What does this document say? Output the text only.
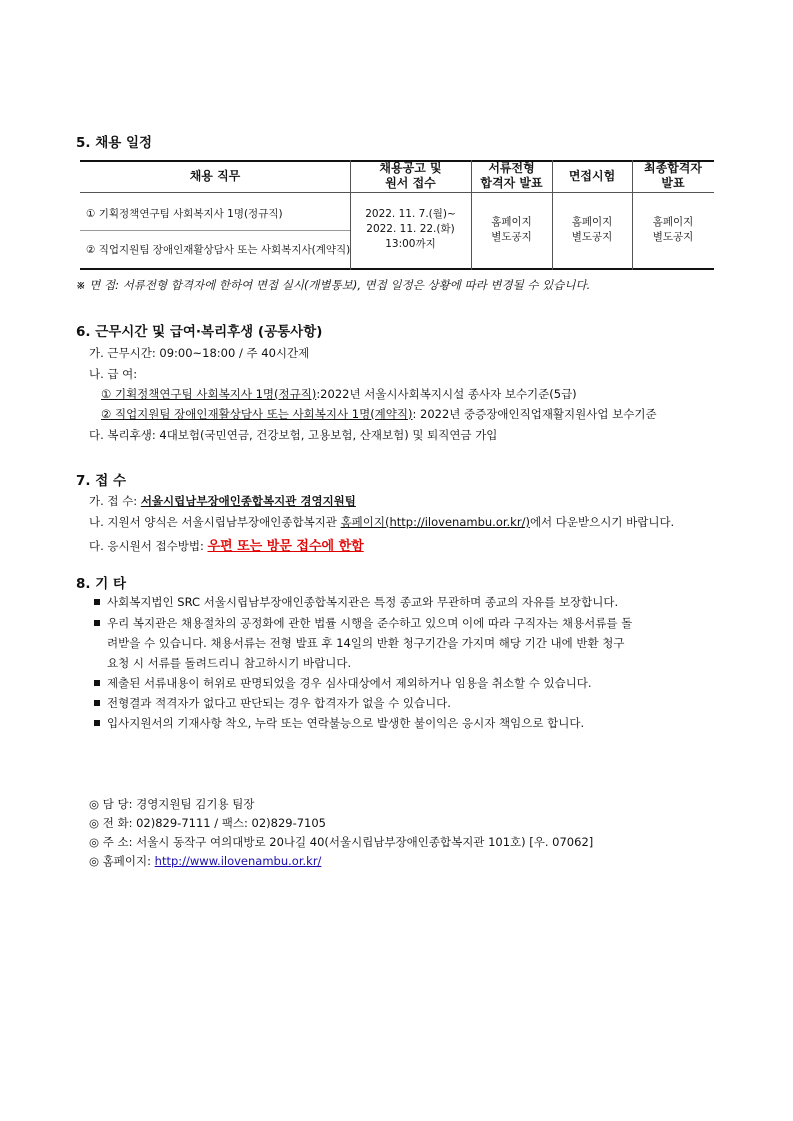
5. 채용 일정
채용 직무
채용공고 및
원서 접수
서류전형
합격자 발표	면접시험
최종합격자
발표
① 기획정책연구팀 사회복지사 1명(정규직)
② 직업지원팀 장애인재활상담사 또는 사회복지사(계약직)
2022. 11. 7.(월)~
2022. 11. 22.(화)
13:00까지
홈페이지
별도공지
홈페이지
별도공지
홈페이지
별도공지
※ 면 접: 서류전형 합격자에 한하여 면접 실시(개별통보), 면접 일정은 상황에 따라 변경될 수 있습니다.
6. 근무시간 및 급여·복리후생 (공통사항)
가. 근무시간: 09:00~18:00 / 주 40시간제
나. 급 여:
① 기획정책연구팀 사회복지사 1명(정규직):2022년 서울시사회복지시설 종사자 보수기준(5급)
② 직업지원팀 장애인재활상담사 또는 사회복지사 1명(계약직): 2022년 중증장애인직업재활지원사업 보수기준
다. 복리후생: 4대보험(국민연금, 건강보험, 고용보험, 산재보험) 및 퇴직연금 가입
7. 접 수
가. 접 수: 서울시립남부장애인종합복지관 경영지원팀
나. 지원서 양식은 서울시립남부장애인종합복지관 홈페이지(http://ilovenambu.or.kr/)에서 다운받으시기 바랍니다.
다. 응시원서 접수방법: 우편 또는 방문 접수에 한함
8. 기 타
사회복지법인 SRC 서울시립남부장애인종합복지관은 특정 종교와 무관하며 종교의 자유를 보장합니다.
우리 복지관은 채용절차의 공정화에 관한 법률 시행을 준수하고 있으며 이에 따라 구직자는 채용서류를 돌
려받을 수 있습니다. 채용서류는 전형 발표 후 14일의 반환 청구기간을 가지며 해당 기간 내에 반환 청구
요청 시 서류를 돌려드리니 참고하시기 바랍니다.
제출된 서류내용이 허위로 판명되었을 경우 심사대상에서 제외하거나 임용을 취소할 수 있습니다.
전형결과 적격자가 없다고 판단되는 경우 합격자가 없을 수 있습니다.
입사지원서의 기재사항 착오, 누락 또는 연락불능으로 발생한 불이익은 응시자 책임으로 합니다.
◎ 담 당: 경영지원팀 김기용 팀장
◎ 전 화: 02)829-7111 / 팩스: 02)829-7105
◎ 주 소: 서울시 동작구 여의대방로 20나길 40(서울시립남부장애인종합복지관 101호) [우. 07062]
◎ 홈페이지: http://www.ilovenambu.or.kr/
